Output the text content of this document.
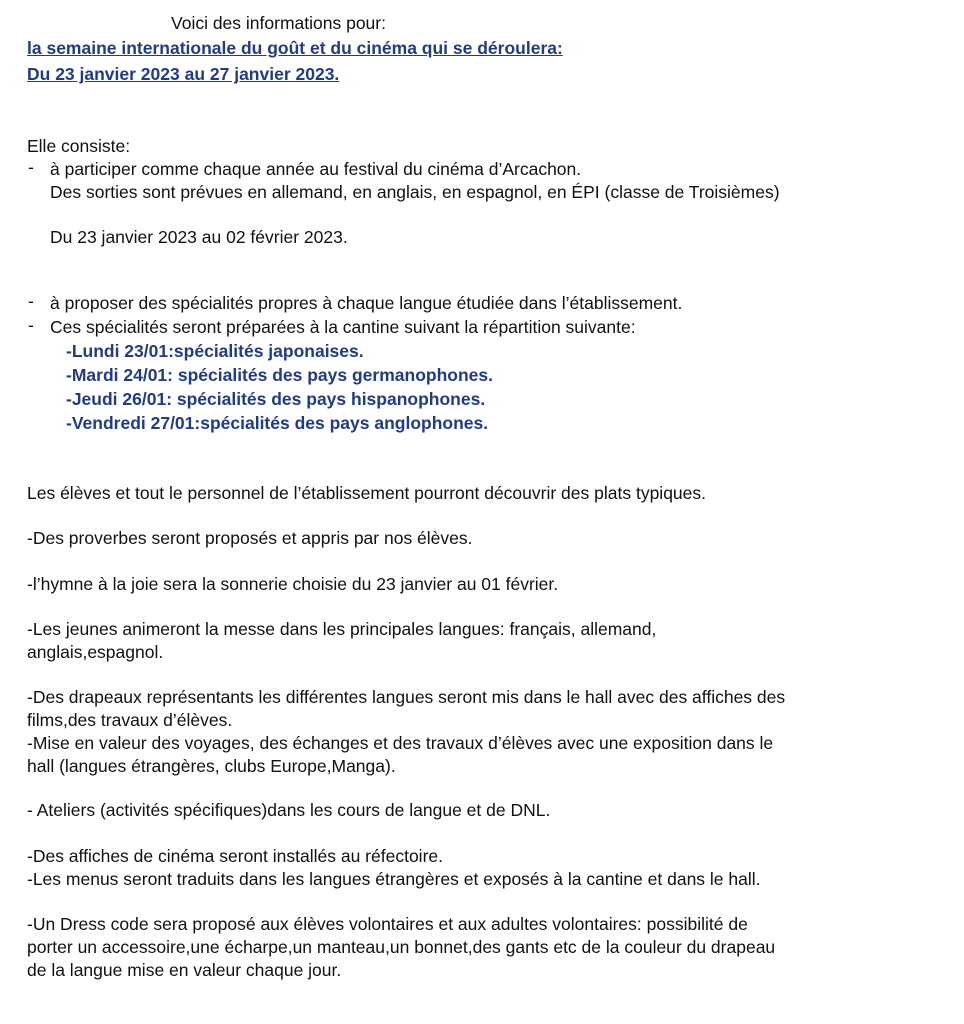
Voici des informations pour:
la semaine internationale du goût et du cinéma qui se déroulera:
Du 23 janvier 2023 au 27 janvier 2023.
Elle consiste:
- à participer comme chaque année au festival du cinéma d’Arcachon.
Des sorties sont prévues en allemand, en anglais, en espagnol, en ÉPI (classe de Troisièmes)
Du 23 janvier 2023 au 02 février 2023.
- à proposer des spécialités propres à chaque langue étudiée dans l’établissement.
- Ces spécialités seront préparées à la cantine suivant la répartition suivante:
-Lundi 23/01:spécialités japonaises.
-Mardi 24/01: spécialités des pays germanophones.
-Jeudi 26/01: spécialités des pays hispanophones.
-Vendredi 27/01:spécialités des pays anglophones.
Les élèves et tout le personnel de l’établissement pourront découvrir des plats typiques.
-Des proverbes seront proposés et appris par nos élèves.
-l’hymne à la joie sera la sonnerie choisie du 23 janvier au 01 février.
-Les jeunes animeront la messe dans les principales langues: français, allemand,
anglais,espagnol.
-Des drapeaux représentants les différentes langues seront mis dans le hall avec des affiches des
films,des travaux d’élèves.
-Mise en valeur des voyages, des échanges et des travaux d’élèves avec une exposition dans le
hall (langues étrangères, clubs Europe,Manga).
- Ateliers (activités spécifiques)dans les cours de langue et de DNL.
-Des affiches de cinéma seront installés au réfectoire.
-Les menus seront traduits dans les langues étrangères et exposés à la cantine et dans le hall.
-Un Dress code sera proposé aux élèves volontaires et aux adultes volontaires: possibilité de
porter un accessoire,une écharpe,un manteau,un bonnet,des gants etc de la couleur du drapeau
de la langue mise en valeur chaque jour.
